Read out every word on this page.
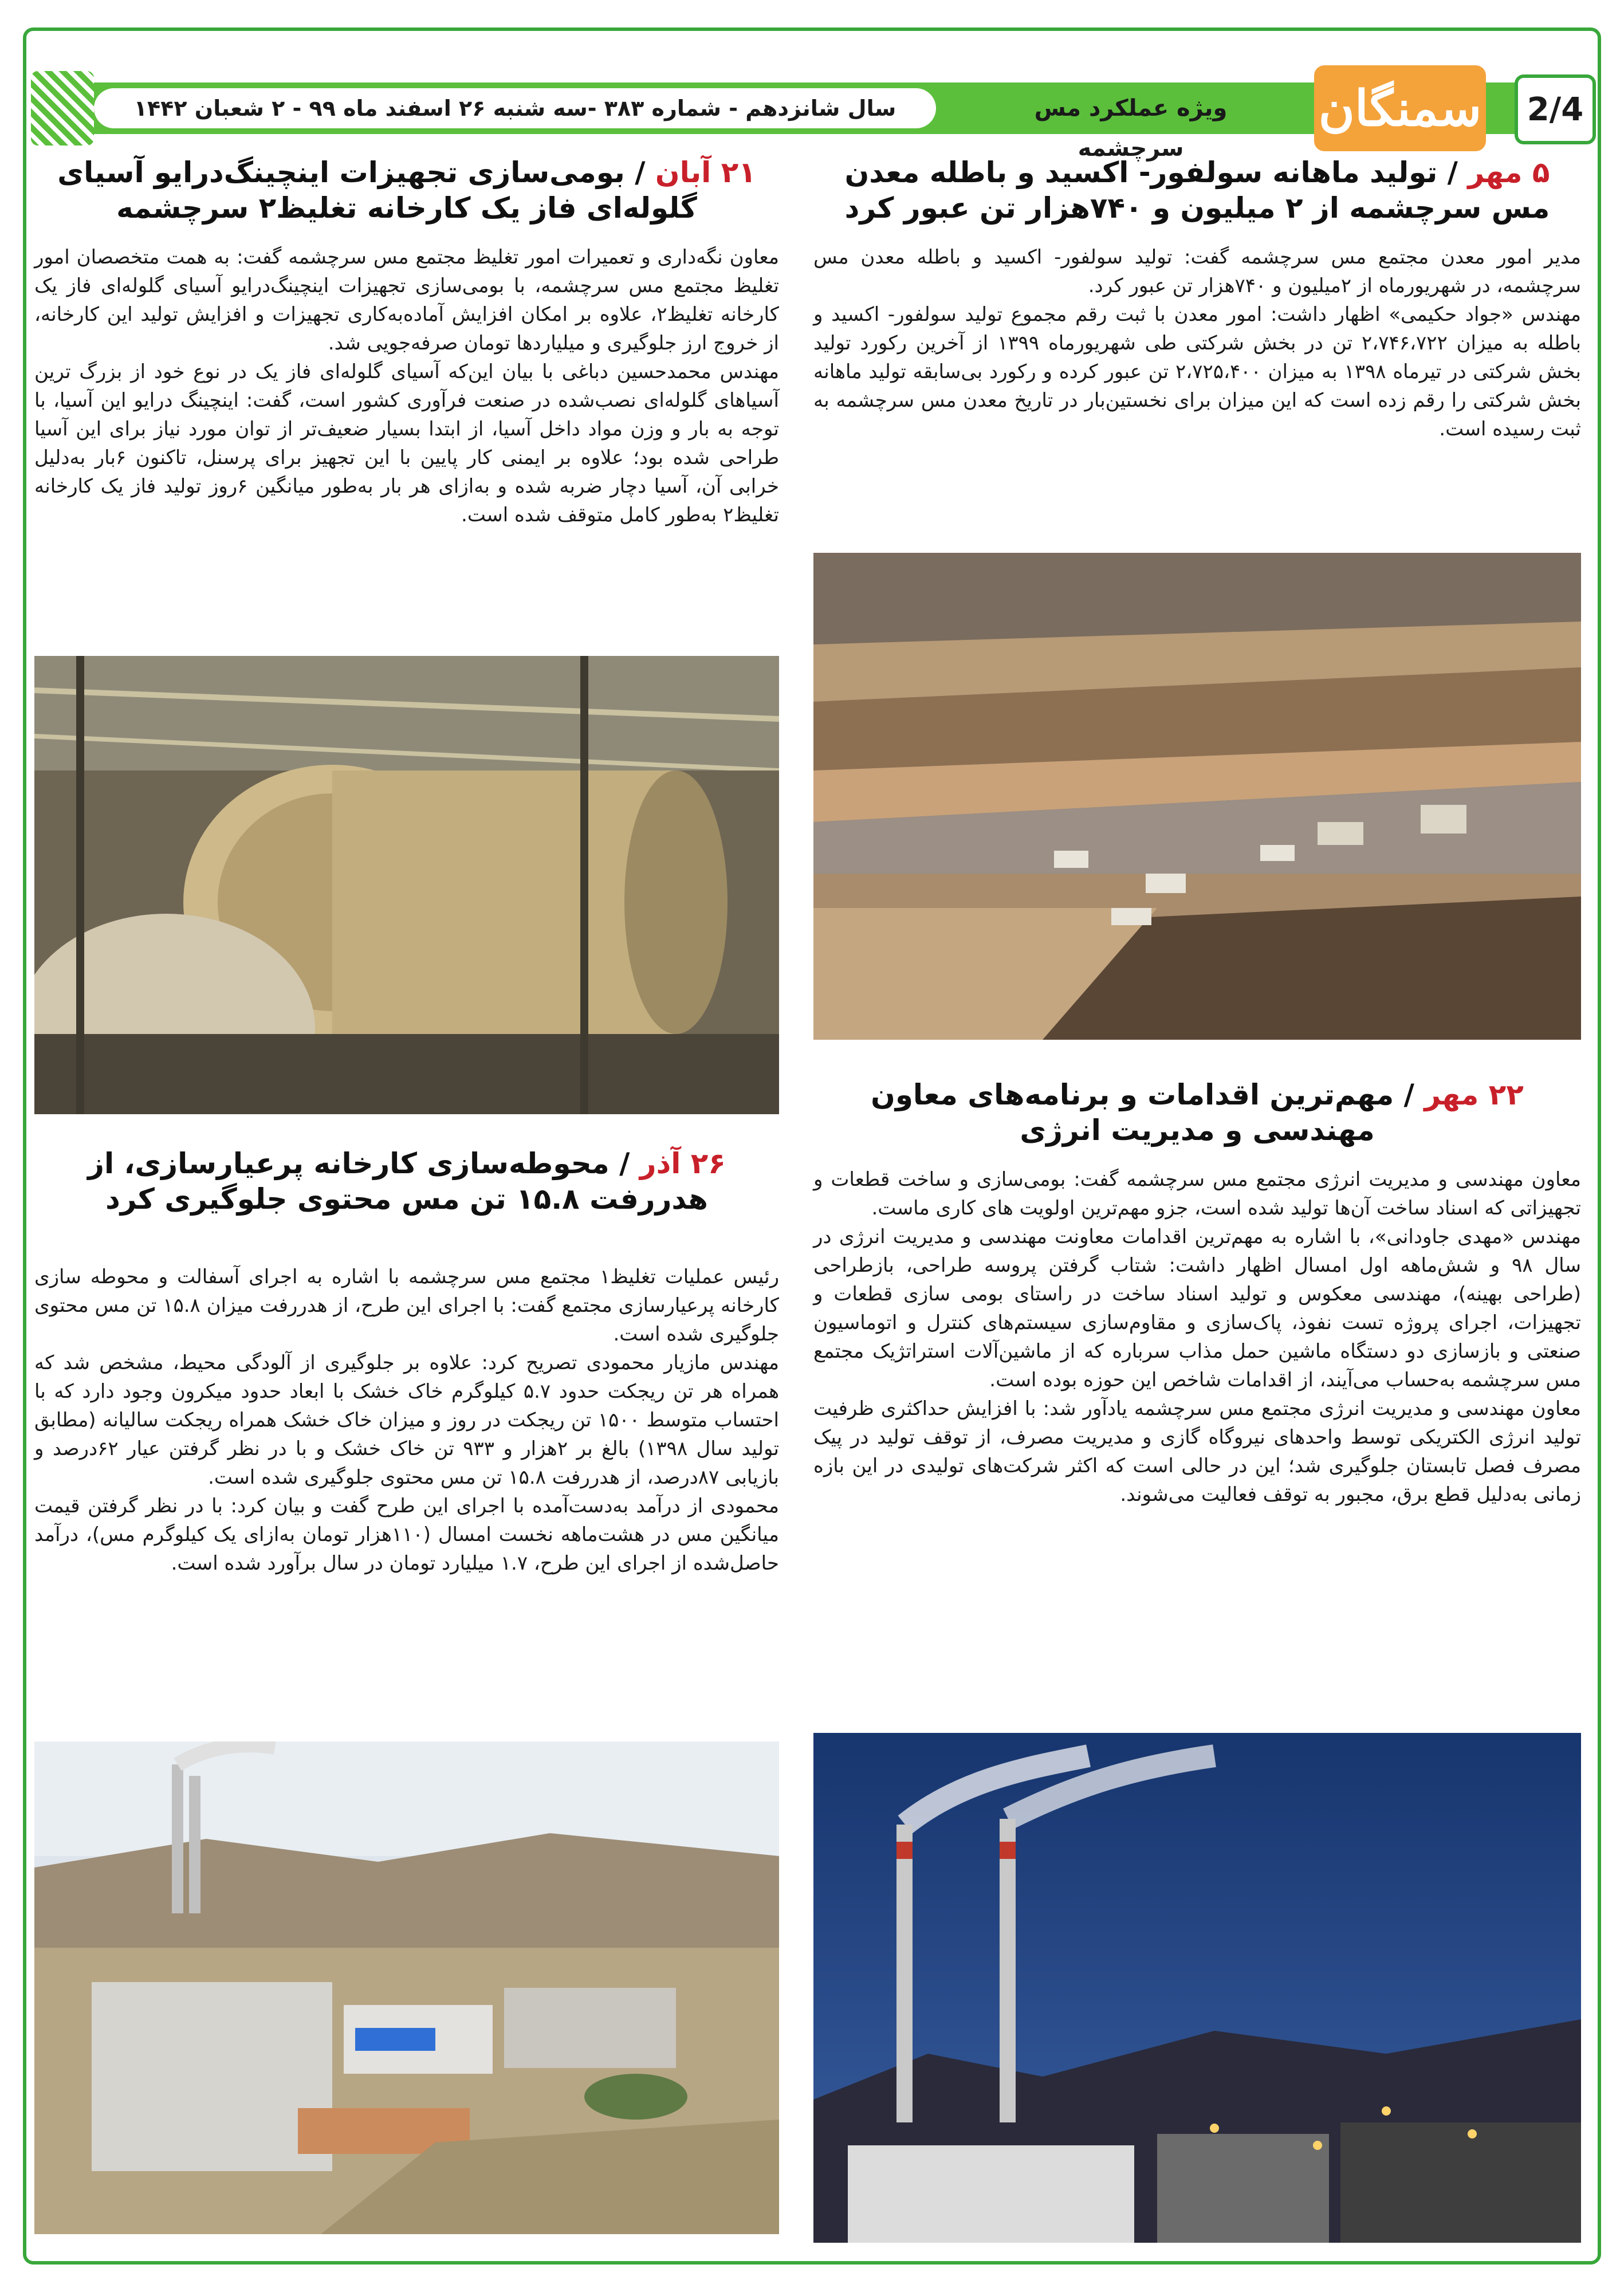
سال شانزدهم - شماره ۳۸۳ -سه شنبه ۲۶ اسفند ماه ۹۹ - ۲ شعبان ۱۴۴۲	ویژه عملکرد مس سرچشمه
سمنگان	2/4
۵ مهر / تولید ماهانه سولفور- اکسید و باطله معدن مس سرچشمه از ۲ میلیون و ۷۴۰هزار تن عبور کرد

مدیر امور معدن مجتمع مس سرچشمه گفت: تولید سولفور- اکسید و باطله معدن مس سرچشمه، در شهریورماه از ۲میلیون و ۷۴۰هزار تن عبور کرد.

مهندس «جواد حکیمی» اظهار داشت: امور معدن با ثبت رقم مجموع تولید سولفور- اکسید و باطله به میزان ۲،۷۴۶،۷۲۲ تن در بخش شرکتی طی شهریورماه ۱۳۹۹ از آخرین رکورد تولید بخش شرکتی در تیرماه ۱۳۹۸ به میزان ۲،۷۲۵،۴۰۰ تن عبور کرده و رکورد بی‌سابقه تولید ماهانه بخش شرکتی را رقم زده است که این میزان برای نخستین‌بار در تاریخ معدن مس سرچشمه به ثبت رسیده است.

۲۲ مهر / مهم‌ترین اقدامات و برنامه‌های معاون مهندسی و مدیریت انرژی

معاون مهندسی و مدیریت انرژی مجتمع مس سرچشمه گفت: بومی‌سازی و ساخت قطعات و تجهیزاتی که اسناد ساخت آن‌ها تولید شده است، جزو مهم‌ترین اولویت های کاری ماست.

مهندس «مهدی جاودانی»، با اشاره به مهم‌ترین اقدامات معاونت مهندسی و مدیریت انرژی در سال ۹۸ و شش‌ماهه اول امسال اظهار داشت: شتاب گرفتن پروسه طراحی، بازطراحی (طراحی بهینه)، مهندسی معکوس و تولید اسناد ساخت در راستای بومی سازی قطعات و تجهیزات، اجرای پروژه تست نفوذ، پاک‌سازی و مقاوم‌سازی سیستم‌های کنترل و اتوماسیون صنعتی و بازسازی دو دستگاه ماشین حمل مذاب سرباره که از ماشین‌آلات استراتژیک مجتمع مس سرچشمه به‌حساب می‌آیند، از اقدامات شاخص این حوزه بوده است.

معاون مهندسی و مدیریت انرژی مجتمع مس سرچشمه یادآور شد: با افزایش حداکثری ظرفیت تولید انرژی الکتریکی توسط واحدهای نیروگاه گازی و مدیریت مصرف، از توقف تولید در پیک مصرف فصل تابستان جلوگیری شد؛ این در حالی است که اکثر شرکت‌های تولیدی در این بازه زمانی به‌دلیل قطع برق، مجبور به توقف فعالیت می‌شوند.

۲۱ آبان / بومی‌سازی تجهیزات اینچینگ‌درایو آسیای گلوله‌ای فاز یک کارخانه تغلیظ۲ سرچشمه

معاون نگه‌داری و تعمیرات امور تغلیظ مجتمع مس سرچشمه گفت: به همت متخصصان امور تغلیظ مجتمع مس سرچشمه، با بومی‌سازی تجهیزات اینچینگ‌درایو آسیای گلوله‌ای فاز یک کارخانه تغلیظ۲، علاوه بر امکان افزایش آماده‌به‌کاری تجهیزات و افزایش تولید این کارخانه، از خروج ارز جلوگیری و میلیاردها تومان صرفه‌جویی شد.

مهندس محمدحسین دباغی با بیان این‌که آسیای گلوله‌ای فاز یک در نوع خود از بزرگ ترین آسیاهای گلوله‌ای نصب‌شده در صنعت فرآوری کشور است، گفت: اینچینگ درایو این آسیا، با توجه به بار و وزن مواد داخل آسیا، از ابتدا بسیار ضعیف‌تر از توان مورد نیاز برای این آسیا طراحی شده بود؛ علاوه بر ایمنی کار پایین با این تجهیز برای پرسنل، تاکنون ۶بار به‌دلیل خرابی آن، آسیا دچار ضربه شده و به‌ازای هر بار به‌طور میانگین ۶روز تولید فاز یک کارخانه تغلیظ۲ به‌طور کامل متوقف شده است.

۲۶ آذر / محوطه‌سازی کارخانه پرعیارسازی، از هدررفت ۱۵.۸ تن مس محتوی جلوگیری کرد

رئیس عملیات تغلیظ۱ مجتمع مس سرچشمه با اشاره به اجرای آسفالت و محوطه سازی کارخانه پرعیارسازی مجتمع گفت: با اجرای این طرح، از هدررفت میزان ۱۵.۸ تن مس محتوی جلوگیری شده است.

مهندس مازیار محمودی تصریح کرد: علاوه بر جلوگیری از آلودگی محیط، مشخص شد که همراه هر تن ریجکت حدود ۵.۷ کیلوگرم خاک خشک با ابعاد حدود میکرون وجود دارد که با احتساب متوسط ۱۵۰۰ تن ریجکت در روز و میزان خاک خشک همراه ریجکت سالیانه (مطابق تولید سال ۱۳۹۸) بالغ بر ۲هزار و ۹۳۳ تن خاک خشک و با در نظر گرفتن عیار ۶۲درصد و بازیابی ۸۷درصد، از هدررفت ۱۵.۸ تن مس محتوی جلوگیری شده است.

محمودی از درآمد به‌دست‌آمده با اجرای این طرح گفت و بیان کرد: با در نظر گرفتن قیمت میانگین مس در هشت‌ماهه نخست امسال (۱۱۰هزار تومان به‌ازای یک کیلوگرم مس)، درآمد حاصل‌شده از اجرای این طرح، ۱.۷ میلیارد تومان در سال برآورد شده است.
